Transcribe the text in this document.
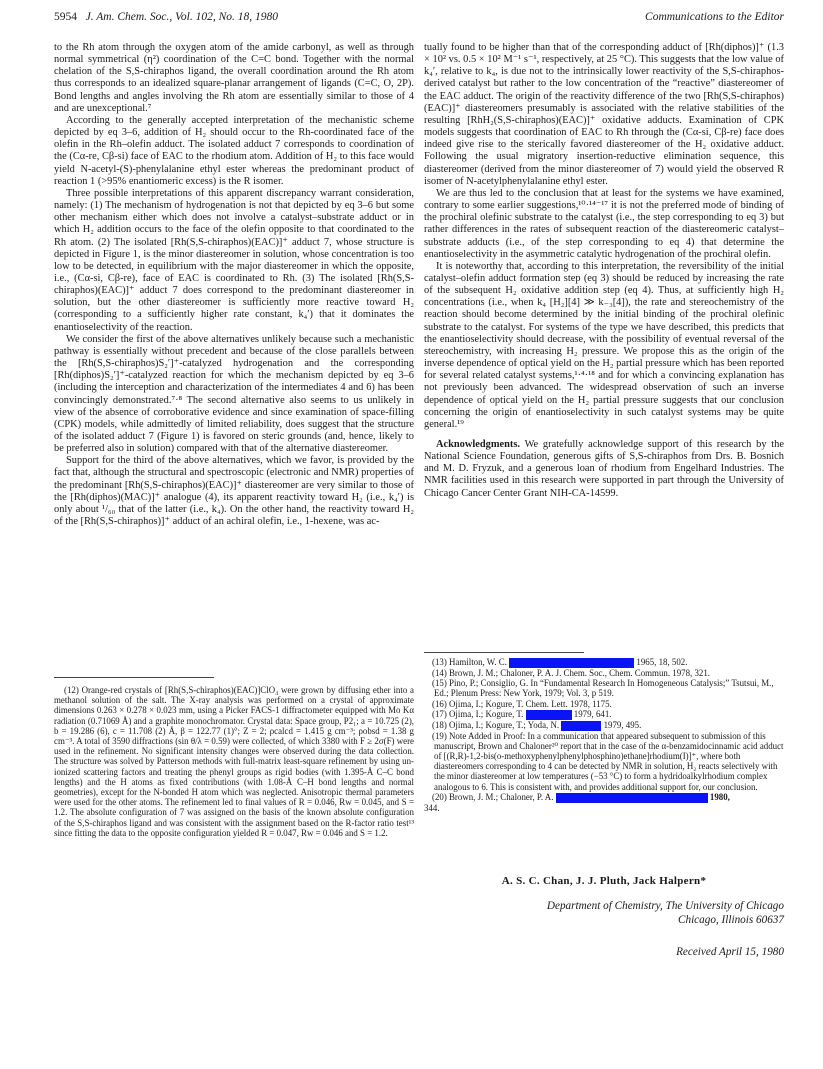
5954 J. Am. Chem. Soc., Vol. 102, No. 18, 1980	Communications to the Editor

to the Rh atom through the oxygen atom of the amide carbonyl, as well as through normal symmetrical (η²) coordination of the C=C bond. Together with the normal chelation of the S,S-chiraphos ligand, the overall coordination around the Rh atom thus corresponds to an idealized square-planar arrangement of ligands (C=C, O, 2P). Bond lengths and angles involving the Rh atom are essentially similar to those of 4 and are unexceptional.⁷

According to the generally accepted interpretation of the mechanistic scheme depicted by eq 3–6, addition of H₂ should occur to the Rh-coordinated face of the olefin in the Rh–olefin adduct. The isolated adduct 7 corresponds to coordination of the (Cα-re, Cβ-si) face of EAC to the rhodium atom. Addition of H₂ to this face would yield N-acetyl-(S)-phenylalanine ethyl ester whereas the predominant product of reaction 1 (>95% enantiomeric excess) is the R isomer.

Three possible interpretations of this apparent discrepancy warrant consideration, namely: (1) The mechanism of hydrogenation is not that depicted by eq 3–6 but some other mechanism either which does not involve a catalyst–substrate adduct or in which H₂ addition occurs to the face of the olefin opposite to that coordinated to the Rh atom. (2) The isolated [Rh(S,S-chiraphos)(EAC)]⁺ adduct 7, whose structure is depicted in Figure 1, is the minor diastereomer in solution, whose concentration is too low to be detected, in equilibrium with the major diastereomer in which the opposite, i.e., (Cα-si, Cβ-re), face of EAC is coordinated to Rh. (3) The isolated [Rh(S,S-chiraphos)(EAC)]⁺ adduct 7 does correspond to the predominant diastereomer in solution, but the other diastereomer is sufficiently more reactive toward H₂ (corresponding to a sufficiently higher rate constant, k₄′) that it dominates the enantioselectivity of the reaction.

We consider the first of the above alternatives unlikely because such a mechanistic pathway is essentially without precedent and because of the close parallels between the [Rh(S,S-chiraphos)S₂′]⁺-catalyzed hydrogenation and the corresponding [Rh(diphos)S₂′]⁺-catalyzed reaction for which the mechanism depicted by eq 3–6 (including the interception and characterization of the intermediates 4 and 6) has been convincingly demonstrated.⁷·⁸ The second alternative also seems to us unlikely in view of the absence of corroborative evidence and since examination of space-filling (CPK) models, while admittedly of limited reliability, does suggest that the structure of the isolated adduct 7 (Figure 1) is favored on steric grounds (and, hence, likely to be preferred also in solution) compared with that of the alternative diastereomer.

Support for the third of the above alternatives, which we favor, is provided by the fact that, although the structural and spectroscopic (electronic and NMR) properties of the predominant [Rh(S,S-chiraphos)(EAC)]⁺ diastereomer are very similar to those of the [Rh(diphos)(MAC)]⁺ analogue (4), its apparent reactivity toward H₂ (i.e., k₄′) is only about ¹/₆₀ that of the latter (i.e., k₄). On the other hand, the reactivity toward H₂ of the [Rh(S,S-chiraphos)]⁺ adduct of an achiral olefin, i.e., 1-hexene, was ac-

tually found to be higher than that of the corresponding adduct of [Rh(diphos)]⁺ (1.3 × 10² vs. 0.5 × 10² M⁻¹ s⁻¹, respectively, at 25 °C). This suggests that the low value of k₄′, relative to k₄, is due not to the intrinsically lower reactivity of the S,S-chiraphos-derived catalyst but rather to the low concentration of the “reactive” diastereomer of the EAC adduct. The origin of the reactivity difference of the two [Rh(S,S-chiraphos)(EAC)]⁺ diastereomers presumably is associated with the relative stabilities of the resulting [RhH₂(S,S-chiraphos)(EAC)]⁺ oxidative adducts. Examination of CPK models suggests that coordination of EAC to Rh through the (Cα-si, Cβ-re) face does indeed give rise to the sterically favored diastereomer of the H₂ oxidative adduct. Following the usual migratory insertion-reductive elimination sequence, this diastereomer (derived from the minor diastereomer of 7) would yield the observed R isomer of N-acetylphenylalanine ethyl ester.

We are thus led to the conclusion that at least for the systems we have examined, contrary to some earlier suggestions,¹⁰·¹⁴⁻¹⁷ it is not the preferred mode of binding of the prochiral olefinic substrate to the catalyst (i.e., the step corresponding to eq 3) but rather differences in the rates of subsequent reaction of the diastereomeric catalyst–substrate adducts (i.e., of the step corresponding to eq 4) that determine the enantioselectivity in the asymmetric catalytic hydrogenation of the prochiral olefin.

It is noteworthy that, according to this interpretation, the reversibility of the initial catalyst–olefin adduct formation step (eq 3) should be reduced by increasing the rate of the subsequent H₂ oxidative addition step (eq 4). Thus, at sufficiently high H₂ concentrations (i.e., when k₄ [H₂][4] ≫ k₋₃[4]), the rate and stereochemistry of the reaction should become determined by the initial binding of the prochiral olefinic substrate to the catalyst. For systems of the type we have described, this predicts that the enantioselectivity should decrease, with the possibility of eventual reversal of the stereochemistry, with increasing H₂ pressure. We propose this as the origin of the inverse dependence of optical yield on the H₂ partial pressure which has been reported for several related catalyst systems,¹·⁴·¹⁸ and for which a convincing explanation has not previously been advanced. The widespread observation of such an inverse dependence of optical yield on the H₂ partial pressure suggests that our conclusion concerning the origin of enantioselectivity in such catalyst systems may be quite general.¹⁹

Acknowledgments. We gratefully acknowledge support of this research by the National Science Foundation, generous gifts of S,S-chiraphos from Drs. B. Bosnich and M. D. Fryzuk, and a generous loan of rhodium from Engelhard Industries. The NMR facilities used in this research were supported in part through the University of Chicago Cancer Center Grant NIH-CA-14599.

(12) Orange-red crystals of [Rh(S,S-chiraphos)(EAC)]ClO₄ were grown by diffusing ether into a methanol solution of the salt. The X-ray analysis was performed on a crystal of approximate dimensions 0.263 × 0.278 × 0.023 mm, using a Picker FACS-1 diffractometer equipped with Mo Kα radiation (0.71069 Å) and a graphite monochromator. Crystal data: Space group, P2₁; a = 10.725 (2), b = 19.286 (6), c = 11.708 (2) Å, β = 122.77 (1)°; Z = 2; ρcalcd = 1.415 g cm⁻³; ρobsd = 1.38 g cm⁻³. A total of 3590 diffractions (sin θ/λ = 0.59) were collected, of which 3380 with F ≥ 2σ(F) were used in the refinement. No significant intensity changes were observed during the data collection. The structure was solved by Patterson methods with full-matrix least-square refinement by using un-ionized scattering factors and treating the phenyl groups as rigid bodies (with 1.395-Å C–C bond lengths) and the H atoms as fixed contributions (with 1.08-Å C–H bond lengths and normal geometries), except for the N-bonded H atom which was neglected. Anisotropic thermal parameters were used for the other atoms. The refinement led to final values of R = 0.046, Rw = 0.045, and S = 1.2. The absolute configuration of 7 was assigned on the basis of the known absolute configuration of the S,S-chiraphos ligand and was consistent with the assignment based on the R-factor ratio test¹³ since fitting the data to the opposite configuration yielded R = 0.047, Rw = 0.046 and S = 1.2.

(13) Hamilton, W. C.	1965, 18, 502.

(14) Brown, J. M.; Chaloner, P. A. J. Chem. Soc., Chem. Commun. 1978, 321.

(15) Pino, P.; Consiglio, G. In “Fundamental Research In Homogeneous Catalysis;” Tsutsui, M., Ed.; Plenum Press: New York, 1979; Vol. 3, p 519.

(16) Ojima, I.; Kogure, T. Chem. Lett. 1978, 1175.

(17) Ojima, I.; Kogure, T.	1979, 641.

(18) Ojima, I.; Kogure, T.; Yoda, N.	1979, 495.

(19) Note Added in Proof: In a communication that appeared subsequent to submission of this manuscript, Brown and Chaloner²⁰ report that in the case of the α-benzamidocinnamic acid adduct of [(R,R)-1,2-bis(o-methoxyphenylphenylphosphino)ethane]rhodium(I)]⁺, where both diastereomers corresponding to 4 can be detected by NMR in solution, H₂ reacts selectively with the minor diastereomer at low temperatures (−53 °C) to form a hydridoalkylrhodium complex analogous to 6. This is consistent with, and provides additional support for, our conclusion.

(20) Brown, J. M.; Chaloner, P. A.	1980,

344.

A. S. C. Chan, J. J. Pluth, Jack Halpern*
Department of Chemistry, The University of Chicago
Chicago, Illinois 60637
Received April 15, 1980
